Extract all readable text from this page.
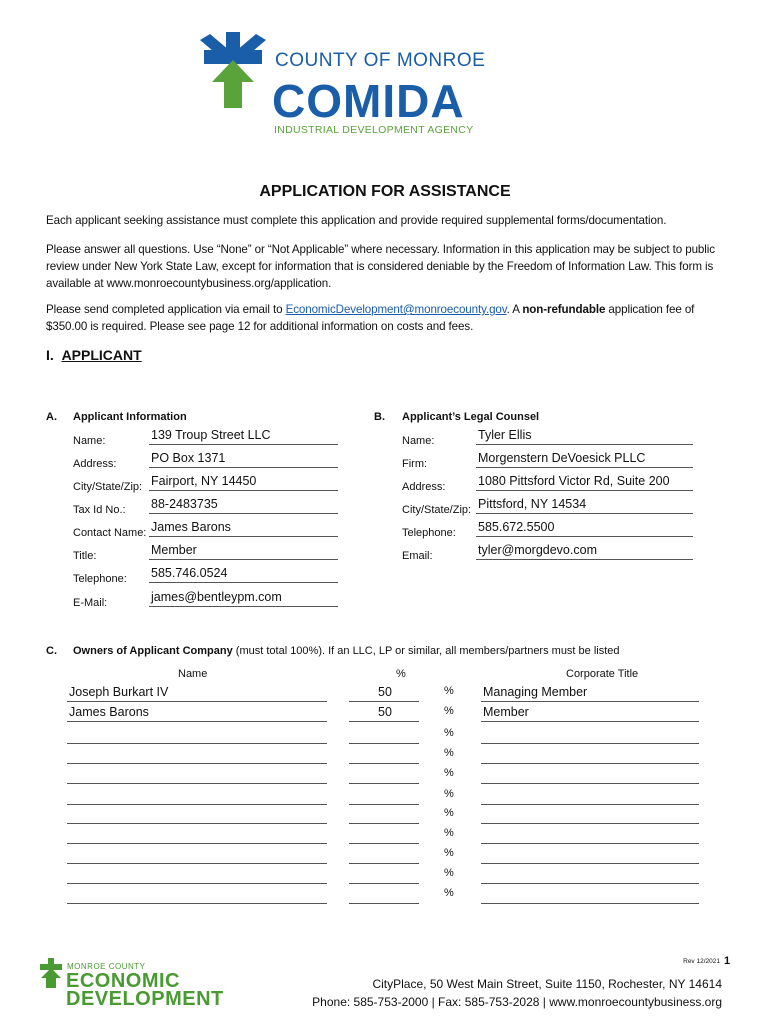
COUNTY OF MONROE
COMIDA
INDUSTRIAL DEVELOPMENT AGENCY
APPLICATION FOR ASSISTANCE
Each applicant seeking assistance must complete this application and provide required supplemental forms/documentation.
Please answer all questions. Use “None” or “Not Applicable” where necessary. Information in this application may be subject to public review under New York State Law, except for information that is considered deniable by the Freedom of Information Law. This form is available at www.monroecountybusiness.org/application.
Please send completed application via email to EconomicDevelopment@monroecounty.gov. A non-refundable application fee of $350.00 is required. Please see page 12 for additional information on costs and fees.
I. APPLICANT
A. Applicant Information
Name:	139 Troup Street LLC
Address:	PO Box 1371
City/State/Zip: Fairport, NY 14450
Tax Id No.: 88-2483735
Contact Name: James Barons
Title:	Member
Telephone: 585.746.0524
E-Mail:	james@bentleypm.com
B. Applicant’s Legal Counsel
Name:	Tyler Ellis
Firm:	Morgenstern DeVoesick PLLC
Address:	1080 Pittsford Victor Rd, Suite 200
City/State/Zip: Pittsford, NY 14534
Telephone: 585.672.5500
Email:	tyler@morgdevo.com
C. Owners of Applicant Company (must total 100%). If an LLC, LP or similar, all members/partners must be listed
Name	%	Corporate Title
Joseph Burkart IV	50	% Managing Member
James Barons	50	% Member
%
%
%
%
%
%
%
%
%
MONROE COUNTY
ECONOMIC
DEVELOPMENT
Rev 12/2021 1
CityPlace, 50 West Main Street, Suite 1150, Rochester, NY 14614
Phone: 585-753-2000 | Fax: 585-753-2028 | www.monroecountybusiness.org
